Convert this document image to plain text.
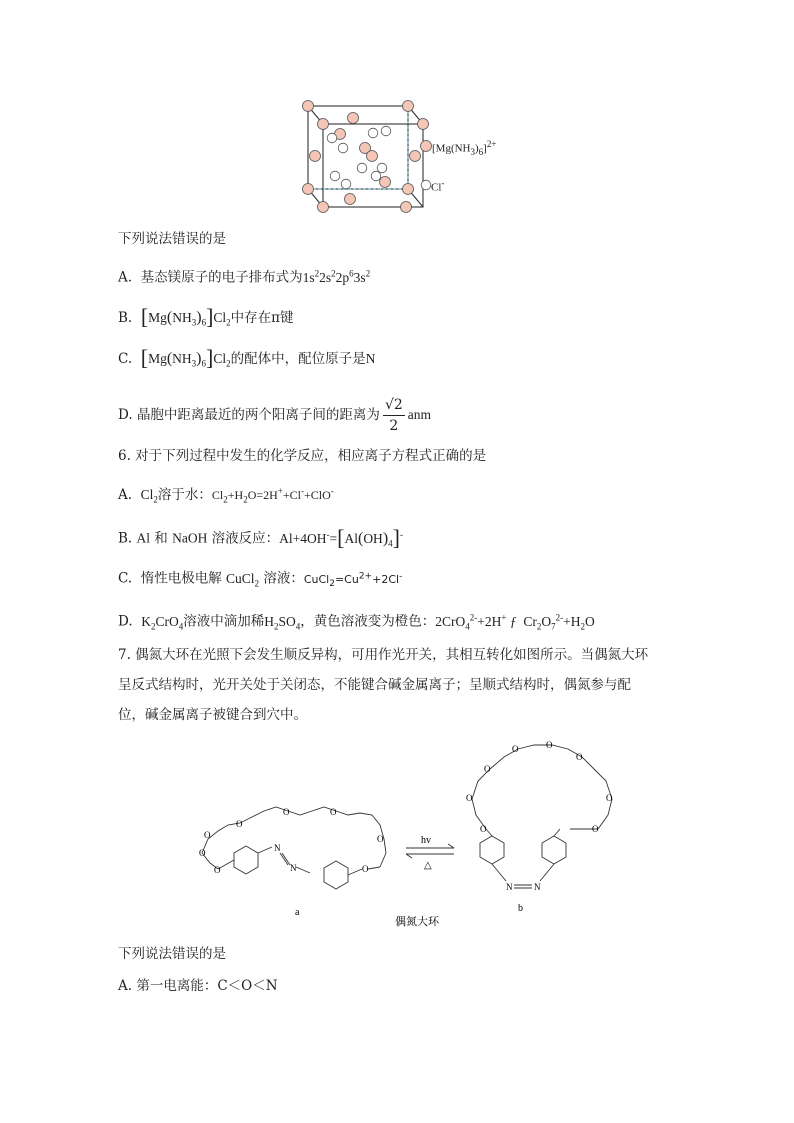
$[Mg(NH_3)_6]^{2+}$
Cl-
下列说法错误的是
A.  基态镁原子的电子排布式为$1s^22s^22p^63s^2$
B. $[Mg(NH_3)_6]Cl_2$中存在π键
C. $[Mg(NH_3)_6]Cl_2$的配体中，配位原子是N
D. 晶胞中距离最近的两个阳离子间的距离为 $\frac{√2}{2}$ anm
6. 对于下列过程中发生的化学反应，相应离子方程式正确的是
A. $Cl_2$溶于水：$Cl_2+H_2O=2H^++Cl^-+ClO^-$
B. Al 和 NaOH 溶液反应：$Al+4OH^-=[Al(OH)_4]^-$
C.  惰性电极电解 CuCl$_2$ 溶液：$CuCl_2=Cu^{2+}+2Cl^-$
D. $K_2CrO_4$溶液中滴加稀$H_2SO_4$，黄色溶液变为橙色：2CrO$_4^{2-}$+2H+ ƒ  $Cr_2O_7^{2-}+H_2O$
7. 偶氮大环在光照下会发生顺反异构，可用作光开关，其相互转化如图所示。当偶氮大环
呈反式结构时，光开关处于关闭态，不能键合碱金属离子；呈顺式结构时，偶氮参与配
位，碱金属离子被键合到穴中。
O
O
O
O
O	O
O
O
N
N
a
hv
△
O
O
O
O	O
O
O
O
N N
b
偶氮大环
下列说法错误的是
A. 第一电离能：C＜O＜N
